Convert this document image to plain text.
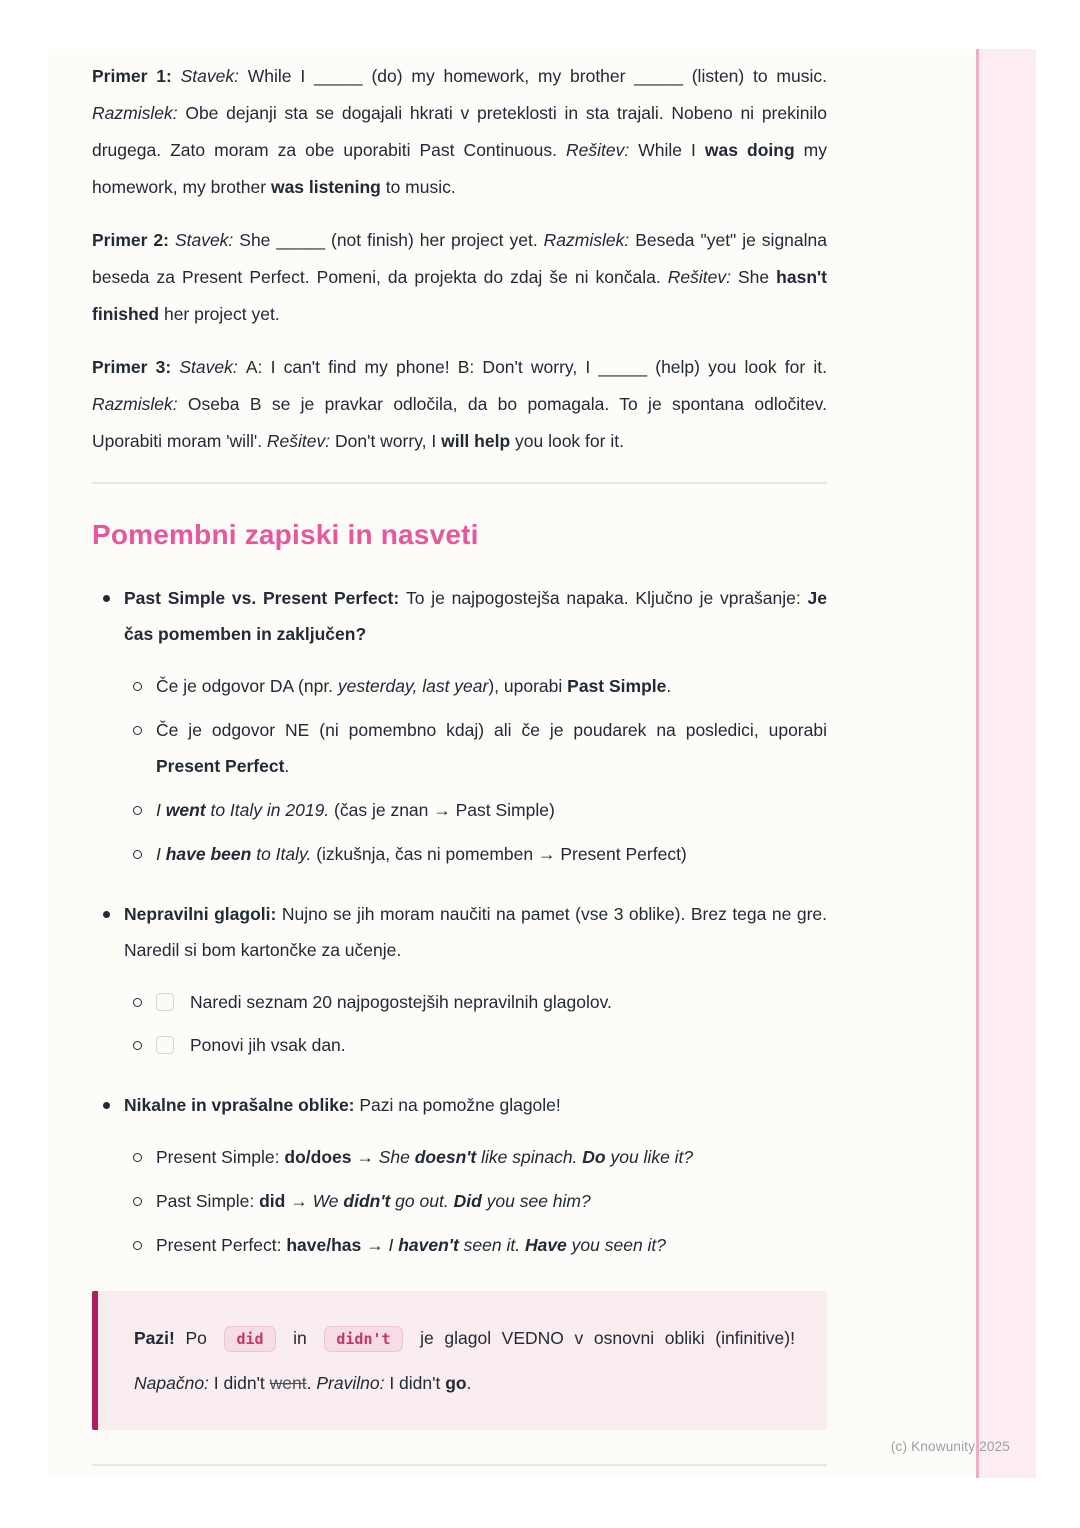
Primer 1: Stavek: While I _____ (do) my homework, my brother _____ (listen) to music. Razmislek: Obe dejanji sta se dogajali hkrati v preteklosti in sta trajali. Nobeno ni prekinilo drugega. Zato moram za obe uporabiti Past Continuous. Rešitev: While I was doing my homework, my brother was listening to music.

Primer 2: Stavek: She _____ (not finish) her project yet. Razmislek: Beseda "yet" je signalna beseda za Present Perfect. Pomeni, da projekta do zdaj še ni končala. Rešitev: She hasn't finished her project yet.

Primer 3: Stavek: A: I can't find my phone! B: Don't worry, I _____ (help) you look for it. Razmislek: Oseba B se je pravkar odločila, da bo pomagala. To je spontana odločitev. Uporabiti moram 'will'. Rešitev: Don't worry, I will help you look for it.

Pomembni zapiski in nasveti
Past Simple vs. Present Perfect: To je najpogostejša napaka. Ključno je vprašanje: Je čas pomemben in zaključen?
Če je odgovor DA (npr. yesterday, last year), uporabi Past Simple.
Če je odgovor NE (ni pomembno kdaj) ali če je poudarek na posledici, uporabi Present Perfect.
I went to Italy in 2019. (čas je znan → Past Simple)
I have been to Italy. (izkušnja, čas ni pomemben → Present Perfect)
Nepravilni glagoli: Nujno se jih moram naučiti na pamet (vse 3 oblike). Brez tega ne gre. Naredil si bom kartončke za učenje.
Naredi seznam 20 najpogostejših nepravilnih glagolov.
Ponovi jih vsak dan.
Nikalne in vprašalne oblike: Pazi na pomožne glagole!
Present Simple: do/does → She doesn't like spinach. Do you like it?
Past Simple: did → We didn't go out. Did you see him?
Present Perfect: have/has → I haven't seen it. Have you seen it?
Pazi! Po did in didn't je glagol VEDNO v osnovni obliki (infinitive)! Napačno: I didn't went. Pravilno: I didn't go.
(c) Knowunity 2025
